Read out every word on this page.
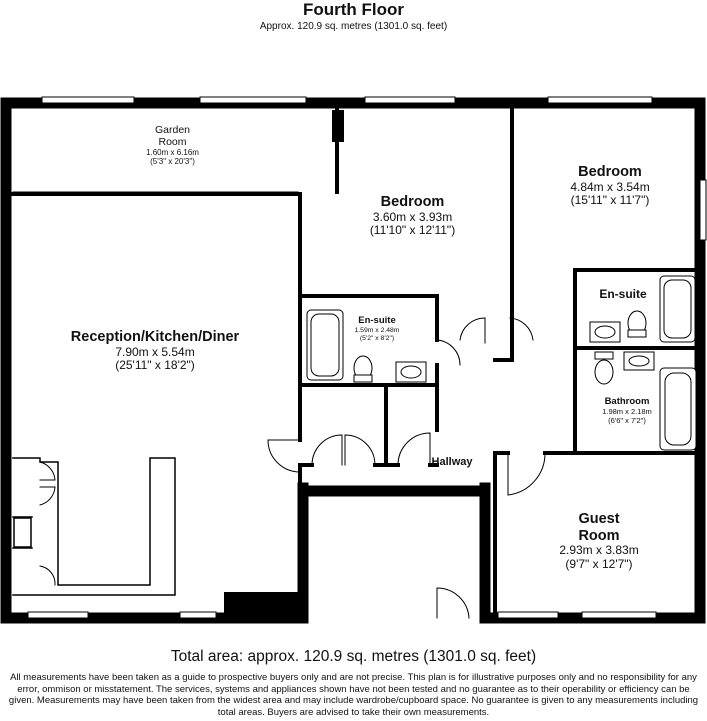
Fourth Floor
Approx. 120.9 sq. metres (1301.0 sq. feet)
Garden
Room
1.60m x 6.16m
(5'3" x 20'3")
Reception/Kitchen/Diner
7.90m x 5.54m
(25'11" x 18'2")
Bedroom
3.60m x 3.93m
(11'10" x 12'11")
Bedroom
4.84m x 3.54m
(15'11" x 11'7")
En-suite
1.59m x 2.48m
(5'2" x 8'2")
En-suite
Bathroom
1.98m x 2.18m
(6'6" x 7'2")
Hallway
Guest
Room
2.93m x 3.83m
(9'7" x 12'7")
Total area: approx. 120.9 sq. metres (1301.0 sq. feet)
All measurements have been taken as a guide to prospective buyers only and are not precise. This plan is for illustrative purposes only and no responsibility for any error, ommison or misstatement. The services, systems and appliances shown have not been tested and no guarantee as to their operability or efficiency can be given. Measurements may have been taken from the widest area and may include wardrobe/cupboard space. No guarantee is given to any measurements including total areas. Buyers are advised to take their own measurements.
